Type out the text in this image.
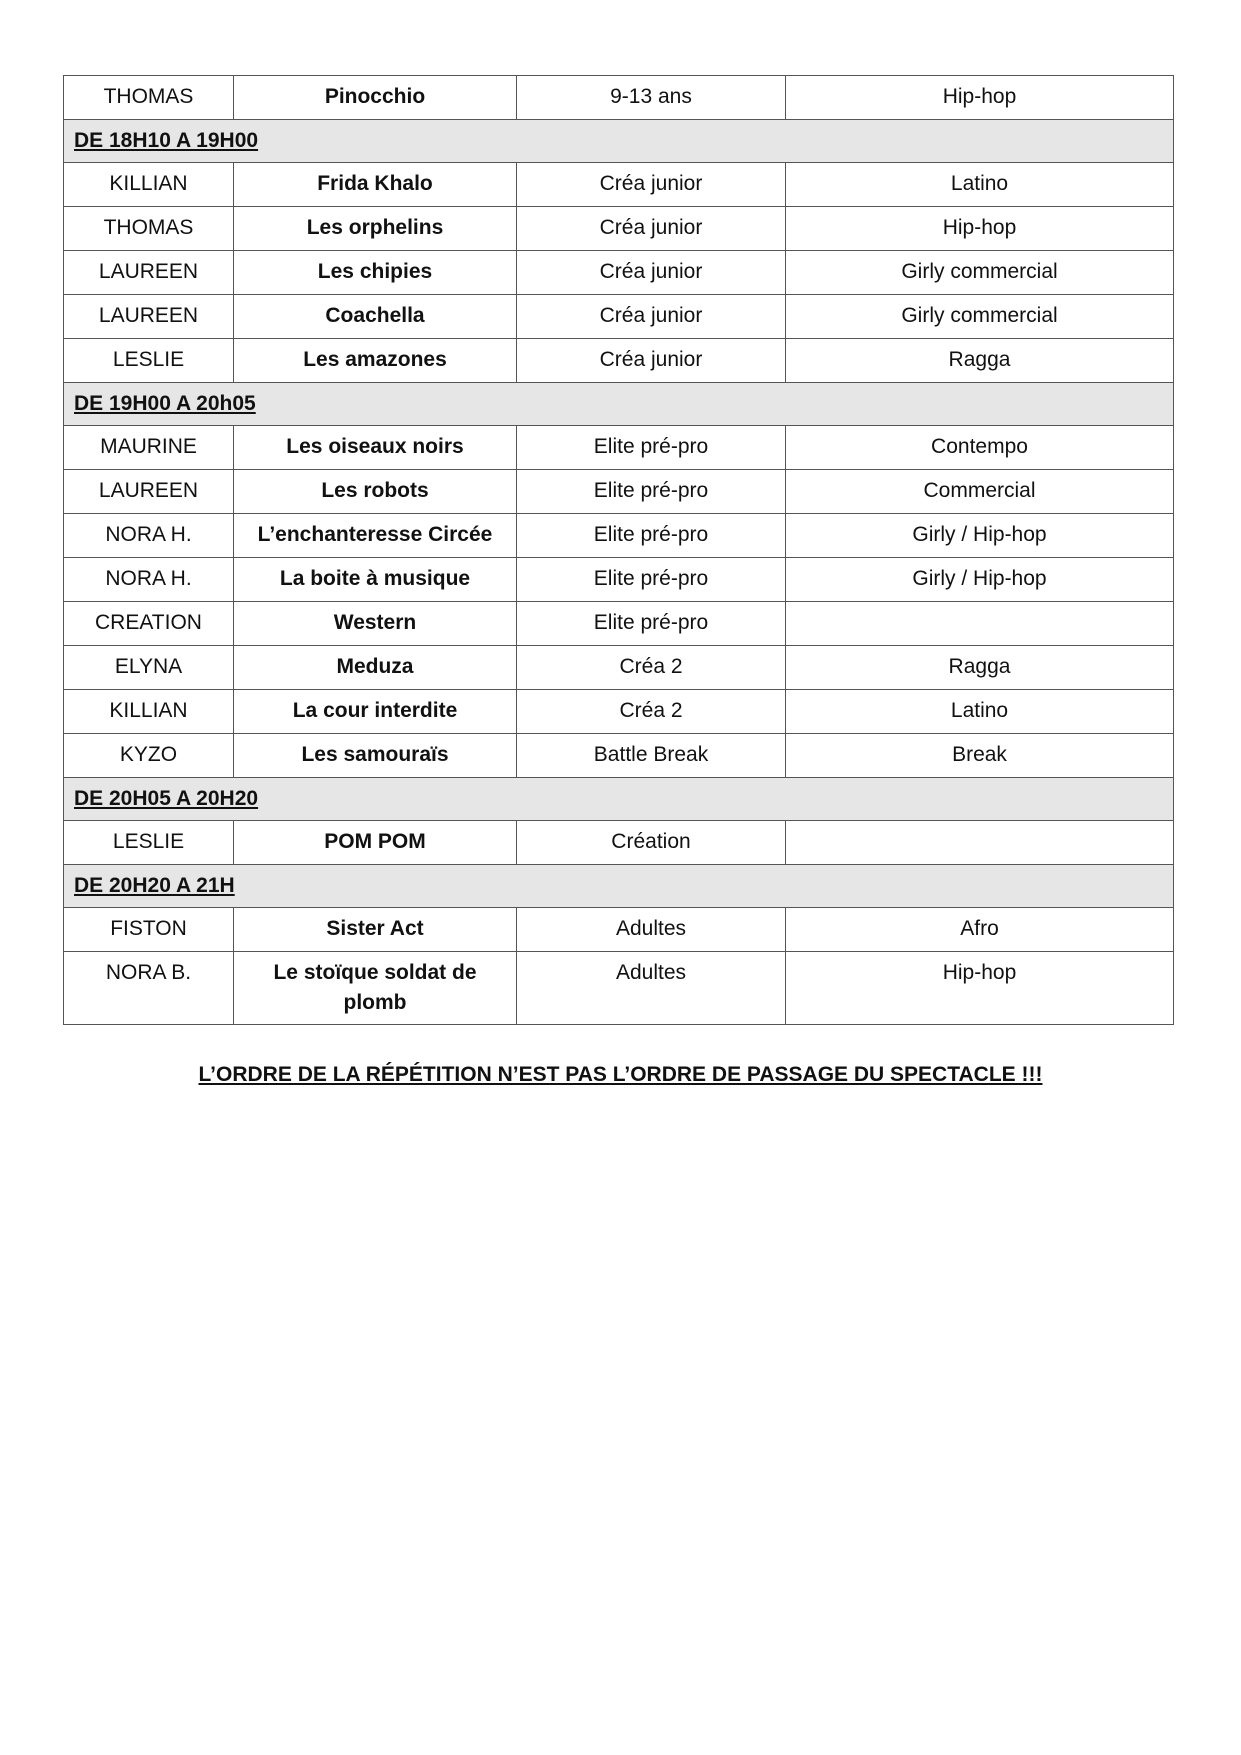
THOMAS	Pinocchio	9-13 ans	Hip-hop
DE 18H10 A 19H00			
KILLIAN	Frida Khalo	Créa junior	Latino
THOMAS	Les orphelins	Créa junior	Hip-hop
LAUREEN	Les chipies	Créa junior	Girly commercial
LAUREEN	Coachella	Créa junior	Girly commercial
LESLIE	Les amazones	Créa junior	Ragga
DE 19H00 A 20h05			
MAURINE	Les oiseaux noirs	Elite pré-pro	Contempo
LAUREEN	Les robots	Elite pré-pro	Commercial
NORA H.	L’enchanteresse Circée	Elite pré-pro	Girly / Hip-hop
NORA H.	La boite à musique	Elite pré-pro	Girly / Hip-hop
CREATION	Western	Elite pré-pro	
ELYNA	Meduza	Créa 2	Ragga
KILLIAN	La cour interdite	Créa 2	Latino
KYZO	Les samouraïs	Battle Break	Break
DE 20H05 A 20H20			
LESLIE	POM POM	Création	
DE 20H20 A 21H			
FISTON	Sister Act	Adultes	Afro
NORA B.	Le stoïque soldat de plomb	Adultes	Hip-hop
L’ORDRE DE LA RÉPÉTITION N’EST PAS L’ORDRE DE PASSAGE DU SPECTACLE !!!
